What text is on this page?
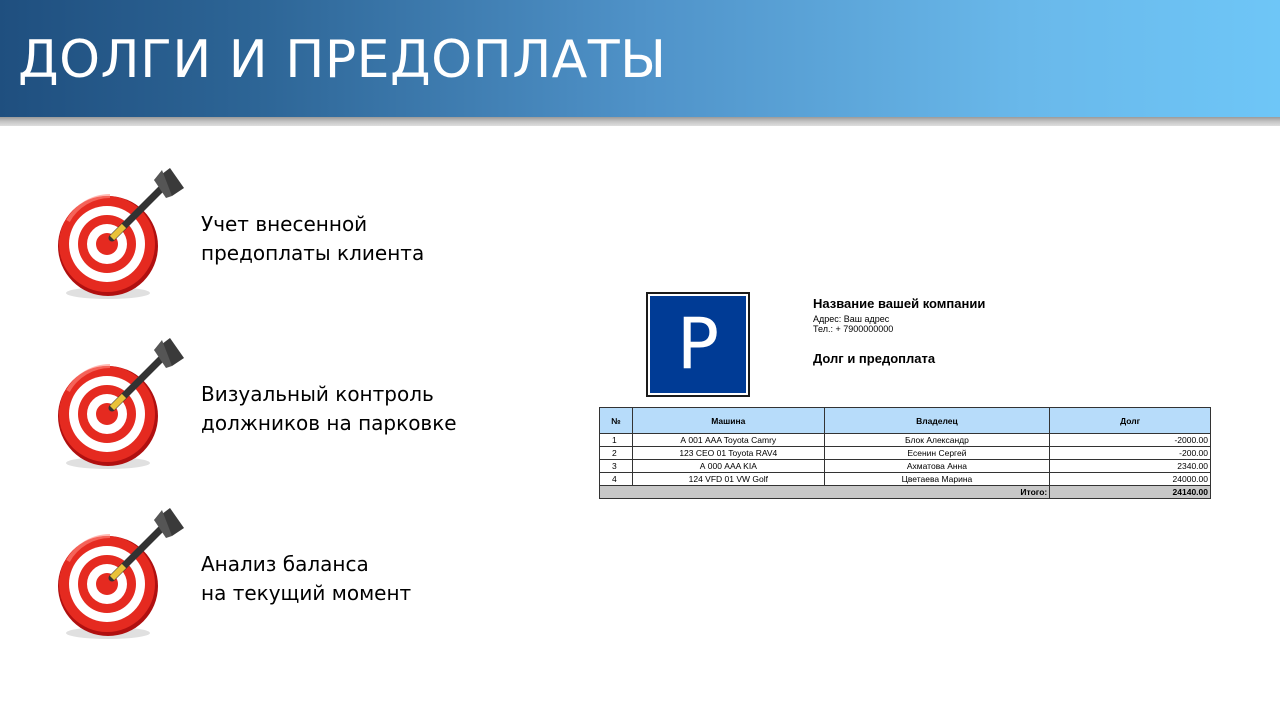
ДОЛГИ И ПРЕДОПЛАТЫ
Учет внесенной
предоплаты клиента
Визуальный контроль
должников на парковке
Анализ баланса
на текущий момент
P	Название вашей компании
Адрес: Ваш адрес
Тел.: + 7900000000
Долг и предоплата
№	Машина	Владелец	Долг
1	А 001 AAA Toyota Camry	Блок Александр	-2000.00
2	123 CEO 01 Toyota RAV4	Есенин Сергей	-200.00
3	А 000 AAA KIA	Ахматова Анна	2340.00
4	124 VFD 01 VW Golf	Цветаева Марина	24000.00
Итого:			24140.00
